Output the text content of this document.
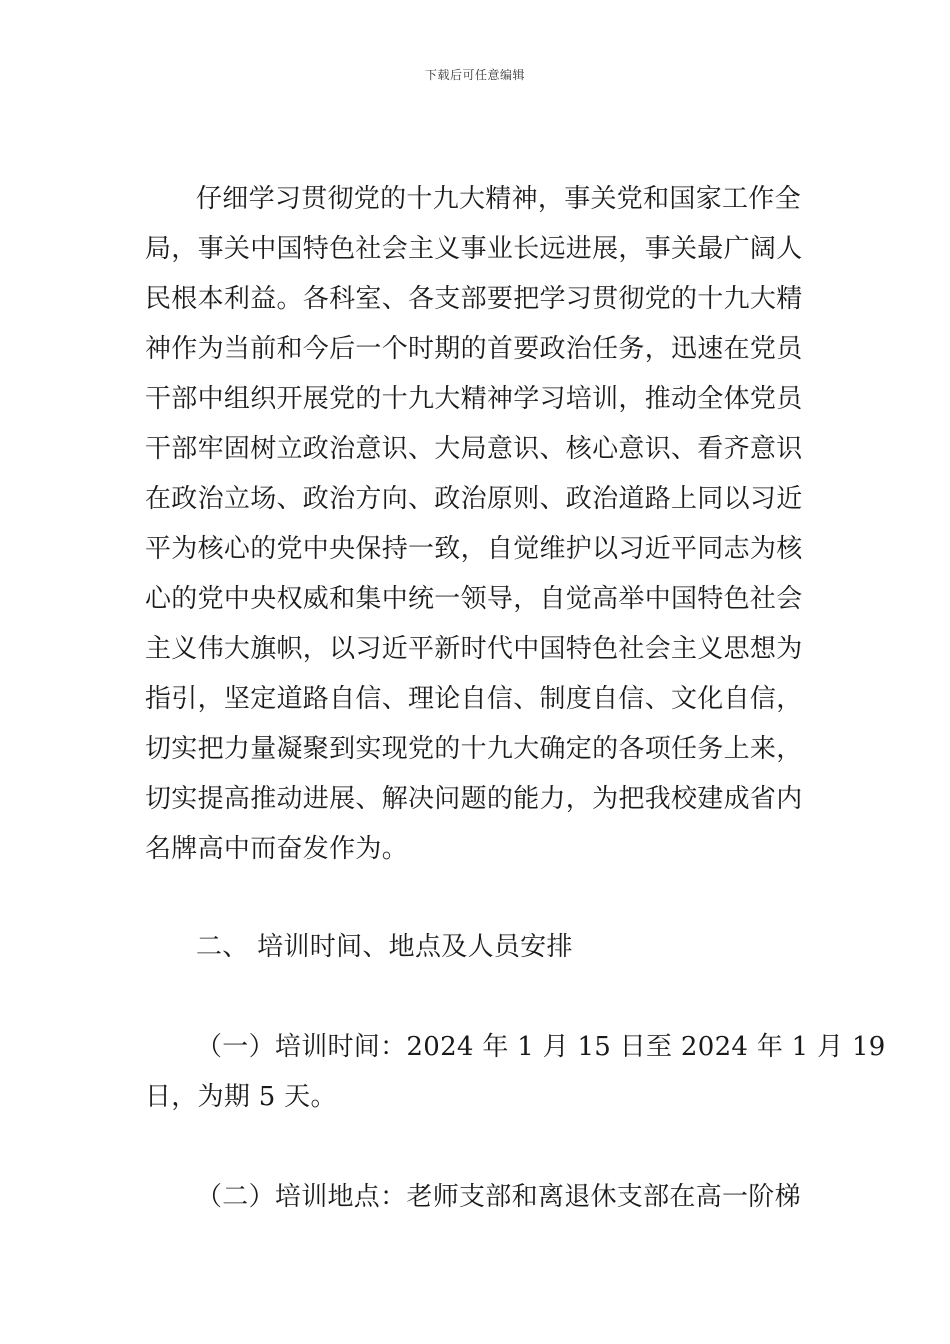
下载后可任意编辑
仔细学习贯彻党的十九大精神，事关党和国家工作全
局，事关中国特色社会主义事业长远进展，事关最广阔人
民根本利益。各科室、各支部要把学习贯彻党的十九大精
神作为当前和今后一个时期的首要政治任务，迅速在党员
干部中组织开展党的十九大精神学习培训，推动全体党员
干部牢固树立政治意识、大局意识、核心意识、看齐意识
在政治立场、政治方向、政治原则、政治道路上同以习近
平为核心的党中央保持一致，自觉维护以习近平同志为核
心的党中央权威和集中统一领导，自觉高举中国特色社会
主义伟大旗帜，以习近平新时代中国特色社会主义思想为
指引，坚定道路自信、理论自信、制度自信、文化自信，
切实把力量凝聚到实现党的十九大确定的各项任务上来，
切实提高推动进展、解决问题的能力，为把我校建成省内
名牌高中而奋发作为。
二、 培训时间、地点及人员安排
（一）培训时间：2024 年 1 月 15 日至 2024 年 1 月 19
日，为期 5 天。
（二）培训地点：老师支部和离退休支部在高一阶梯
